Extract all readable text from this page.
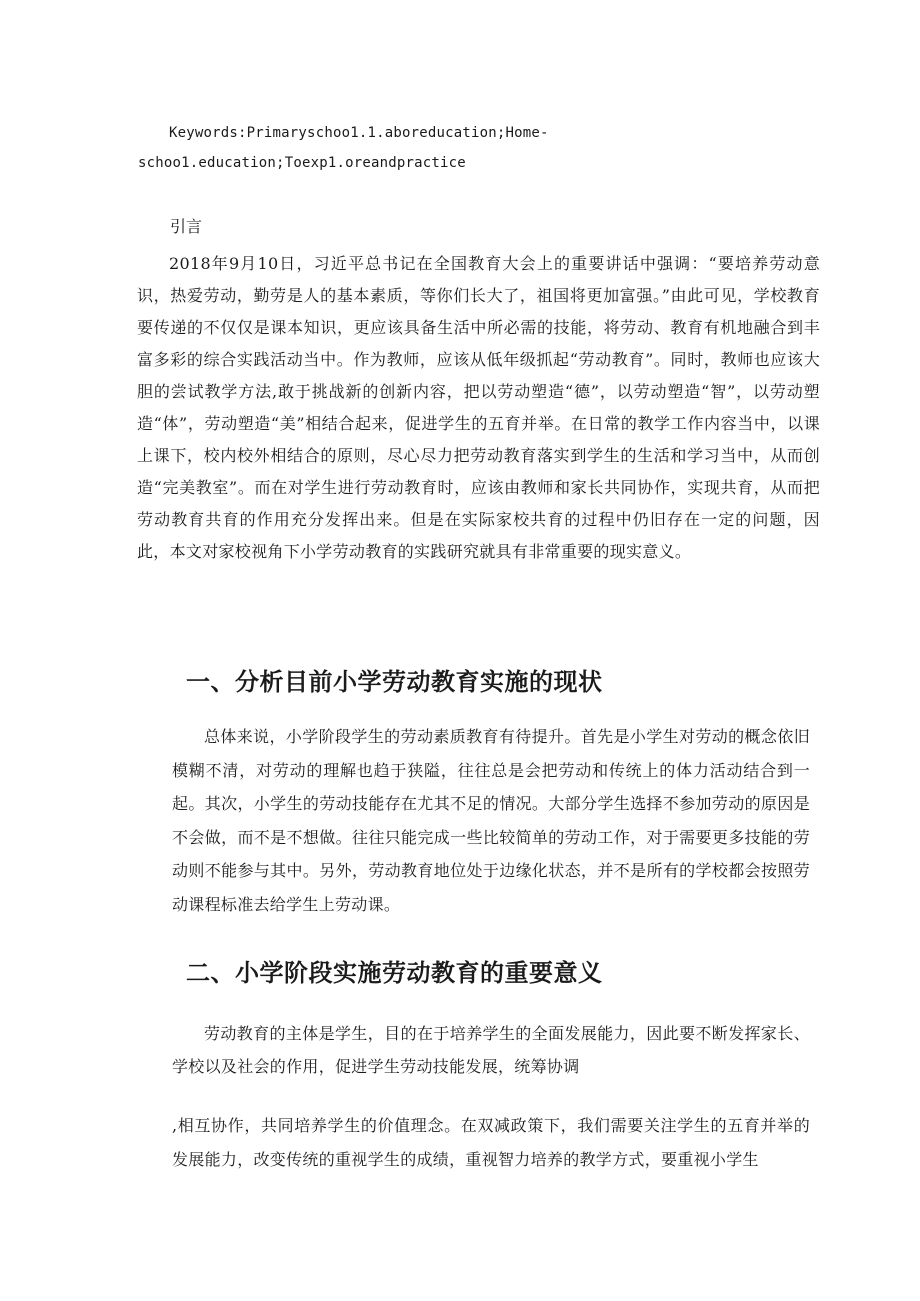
Keywords:Primaryschoo1.1.aboreducation;Home-
schoo1.education;Toexp1.oreandpractice
引言
2018年9月10日，习近平总书记在全国教育大会上的重要讲话中强调：“要培养劳动意识，热爱劳动，勤劳是人的基本素质，等你们长大了，祖国将更加富强。”由此可见，学校教育要传递的不仅仅是课本知识，更应该具备生活中所必需的技能，将劳动、教育有机地融合到丰富多彩的综合实践活动当中。作为教师，应该从低年级抓起“劳动教育”。同时，教师也应该大胆的尝试教学方法,敢于挑战新的创新内容，把以劳动塑造“德”，以劳动塑造“智”，以劳动塑造“体”，劳动塑造“美”相结合起来，促进学生的五育并举。在日常的教学工作内容当中，以课上课下，校内校外相结合的原则，尽心尽力把劳动教育落实到学生的生活和学习当中，从而创造“完美教室”。而在对学生进行劳动教育时，应该由教师和家长共同协作，实现共育，从而把劳动教育共育的作用充分发挥出来。但是在实际家校共育的过程中仍旧存在一定的问题，因此，本文对家校视角下小学劳动教育的实践研究就具有非常重要的现实意义。
一、分析目前小学劳动教育实施的现状
总体来说，小学阶段学生的劳动素质教育有待提升。首先是小学生对劳动的概念依旧模糊不清，对劳动的理解也趋于狭隘，往往总是会把劳动和传统上的体力活动结合到一起。其次，小学生的劳动技能存在尤其不足的情况。大部分学生选择不参加劳动的原因是不会做，而不是不想做。往往只能完成一些比较简单的劳动工作，对于需要更多技能的劳动则不能参与其中。另外，劳动教育地位处于边缘化状态，并不是所有的学校都会按照劳动课程标准去给学生上劳动课。
二、小学阶段实施劳动教育的重要意义
劳动教育的主体是学生，目的在于培养学生的全面发展能力，因此要不断发挥家长、学校以及社会的作用，促进学生劳动技能发展，统筹协调
,相互协作，共同培养学生的价值理念。在双减政策下，我们需要关注学生的五育并举的发展能力，改变传统的重视学生的成绩，重视智力培养的教学方式，要重视小学生
